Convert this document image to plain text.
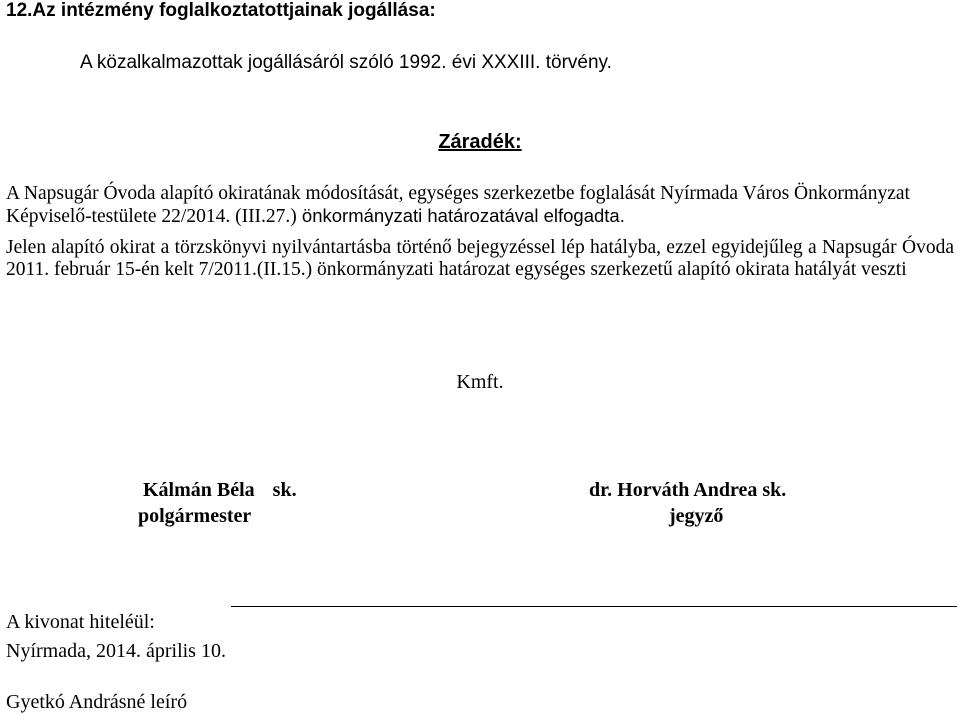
12.Az intézmény foglalkoztatottjainak jogállása:
A közalkalmazottak jogállásáról szóló 1992. évi XXXIII. törvény.
Záradék:
A Napsugár Óvoda alapító okiratának módosítását, egységes szerkezetbe foglalását Nyírmada Város Önkormányzat Képviselő-testülete 22/2014. (III.27.) önkormányzati határozatával elfogadta.
Jelen alapító okirat a törzskönyvi nyilvántartásba történő bejegyzéssel lép hatályba, ezzel egyidejűleg a Napsugár Óvoda 2011. február 15-én kelt 7/2011.(II.15.) önkormányzati határozat egységes szerkezetű alapító okirata hatályát veszti
Kmft.
Kálmán Béla sk.
polgármester
dr. Horváth Andrea sk.
jegyző
A kivonat hiteléül:
Nyírmada, 2014. április 10.
Gyetkó Andrásné leíró
